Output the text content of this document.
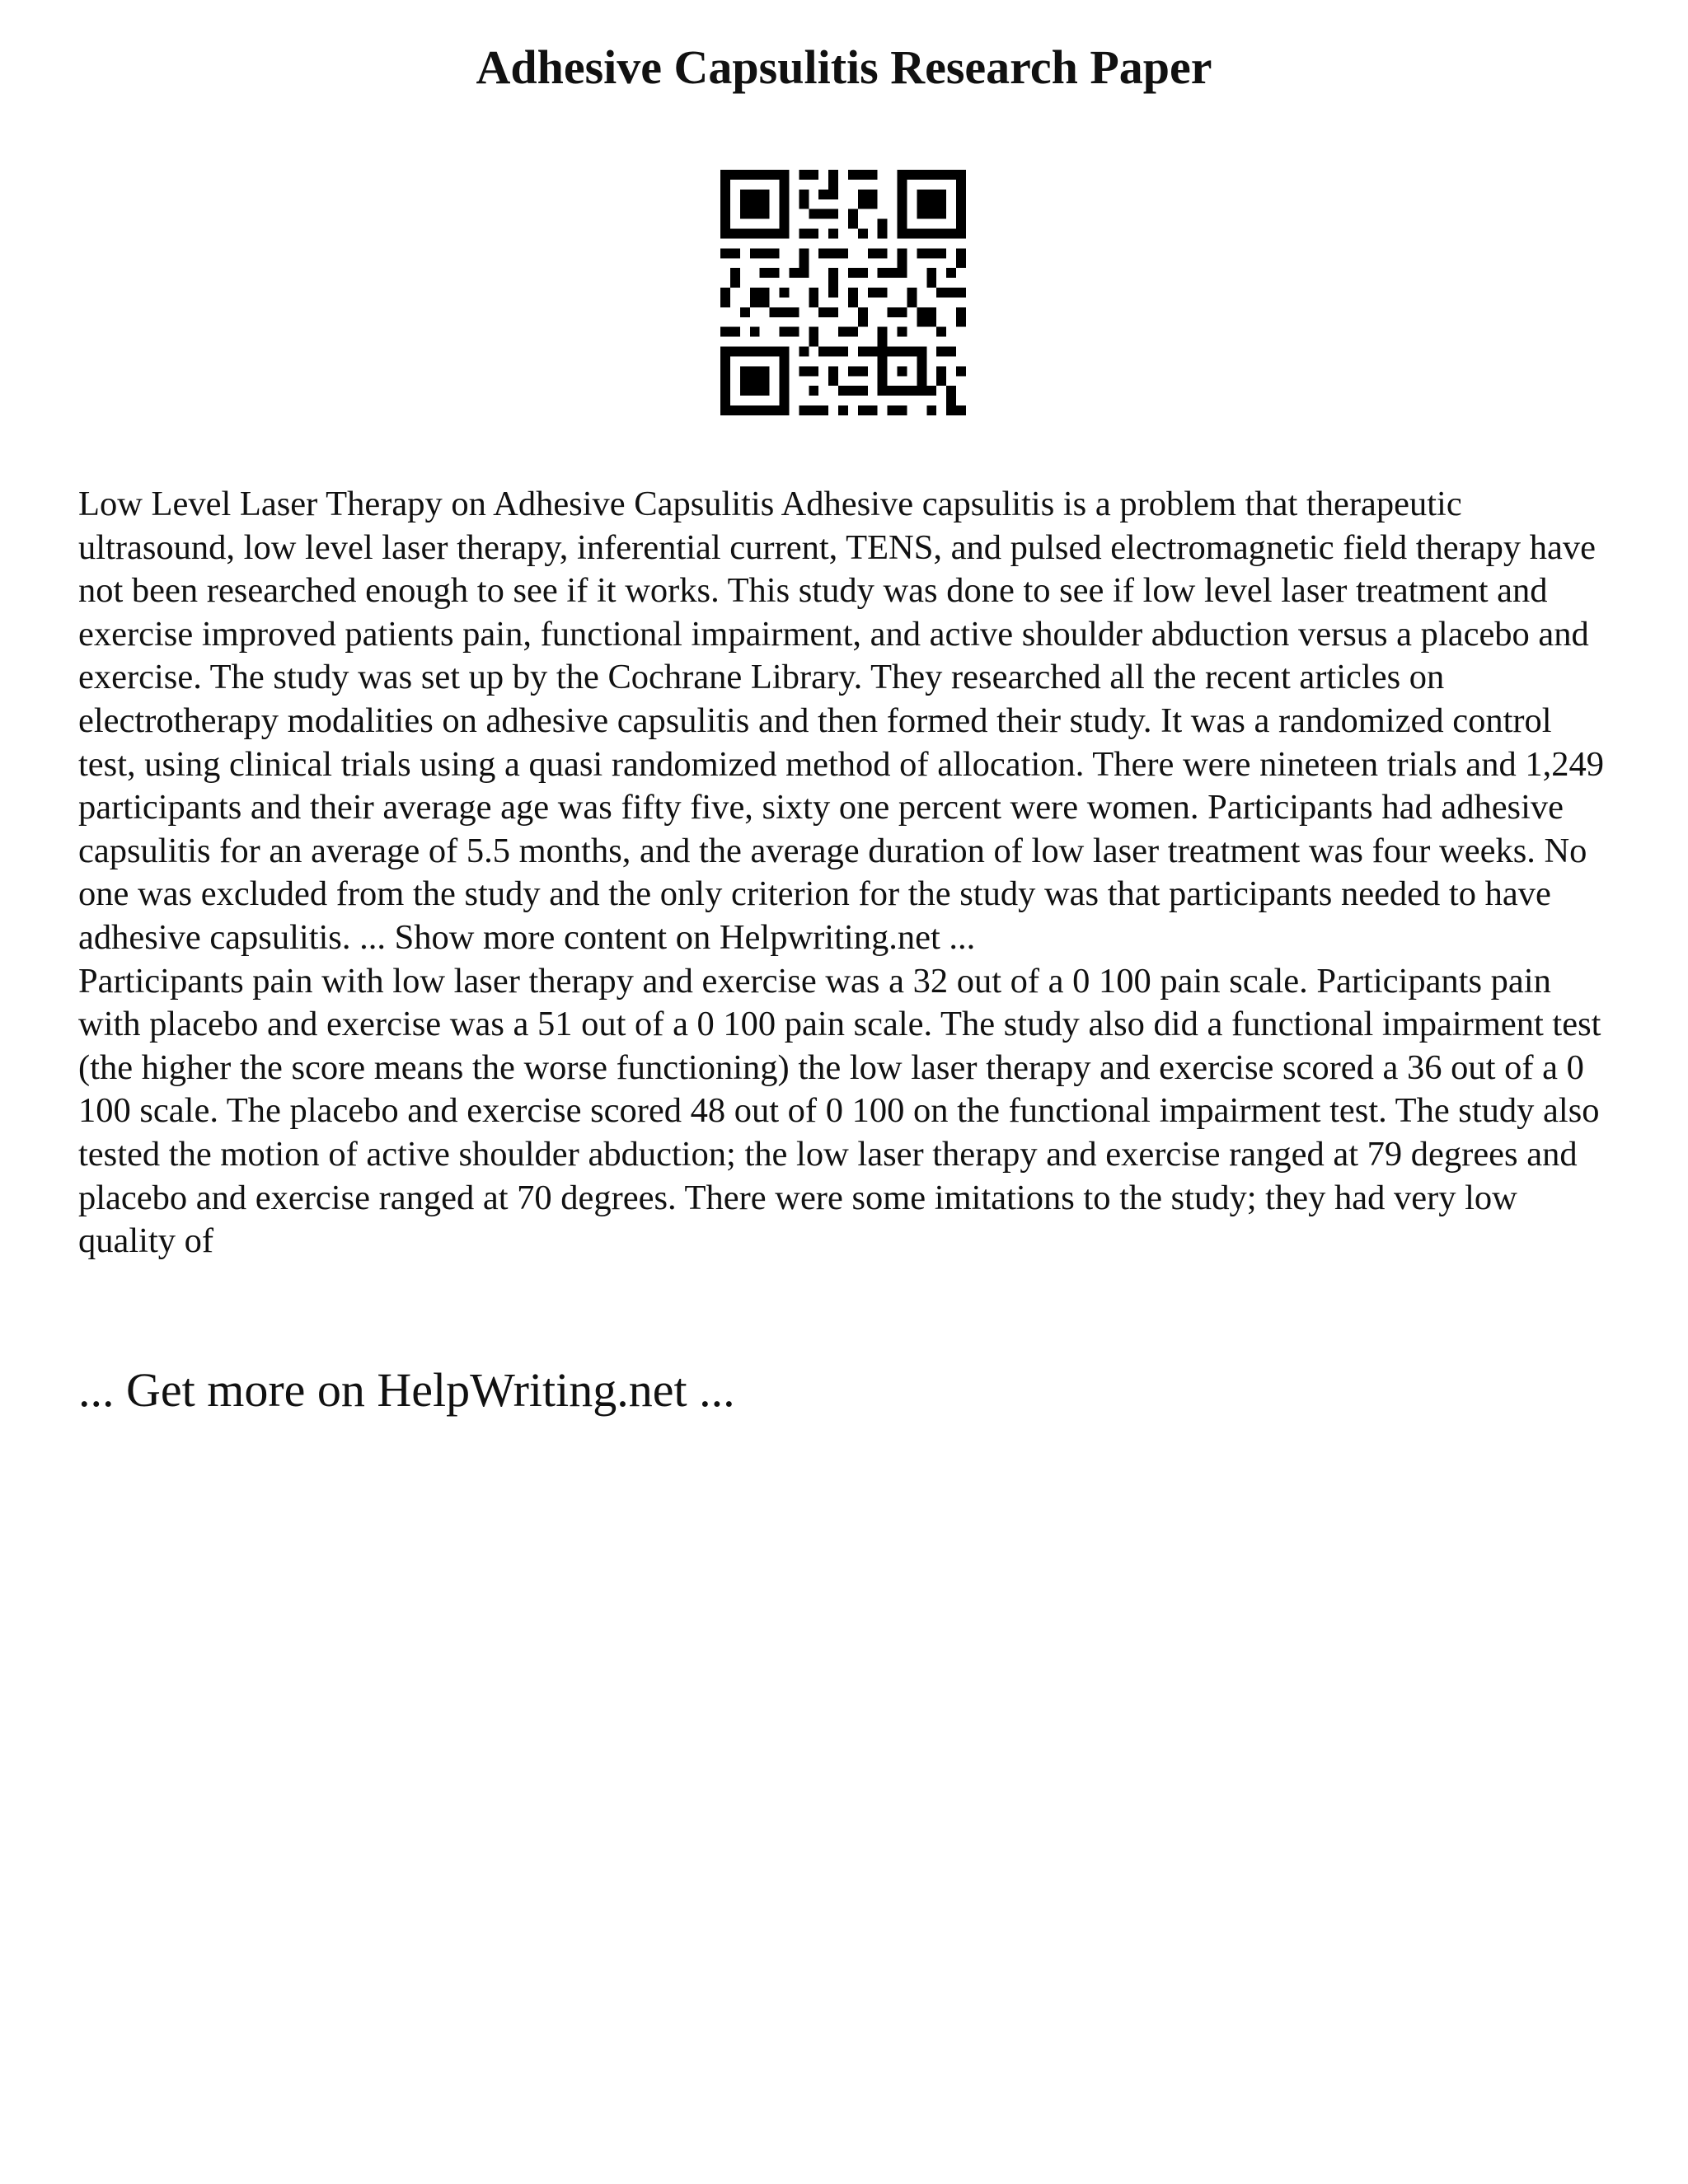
Adhesive Capsulitis Research Paper

Low Level Laser Therapy on Adhesive Capsulitis Adhesive capsulitis is a problem that therapeutic ultrasound, low level laser therapy, inferential current, TENS, and pulsed electromagnetic field therapy have not been researched enough to see if it works. This study was done to see if low level laser treatment and exercise improved patients pain, functional impairment, and active shoulder abduction versus a placebo and exercise. The study was set up by the Cochrane Library. They researched all the recent articles on electrotherapy modalities on adhesive capsulitis and then formed their study. It was a randomized control test, using clinical trials using a quasi randomized method of allocation. There were nineteen trials and 1,249 participants and their average age was fifty five, sixty one percent were women. Participants had adhesive capsulitis for an average of 5.5 months, and the average duration of low laser treatment was four weeks. No one was excluded from the study and the only criterion for the study was that participants needed to have adhesive capsulitis. ... Show more content on Helpwriting.net ...

Participants pain with low laser therapy and exercise was a 32 out of a 0 100 pain scale. Participants pain with placebo and exercise was a 51 out of a 0 100 pain scale. The study also did a functional impairment test (the higher the score means the worse functioning) the low laser therapy and exercise scored a 36 out of a 0 100 scale. The placebo and exercise scored 48 out of 0 100 on the functional impairment test. The study also tested the motion of active shoulder abduction; the low laser therapy and exercise ranged at 79 degrees and placebo and exercise ranged at 70 degrees. There were some imitations to the study; they had very low quality of

... Get more on HelpWriting.net ...
